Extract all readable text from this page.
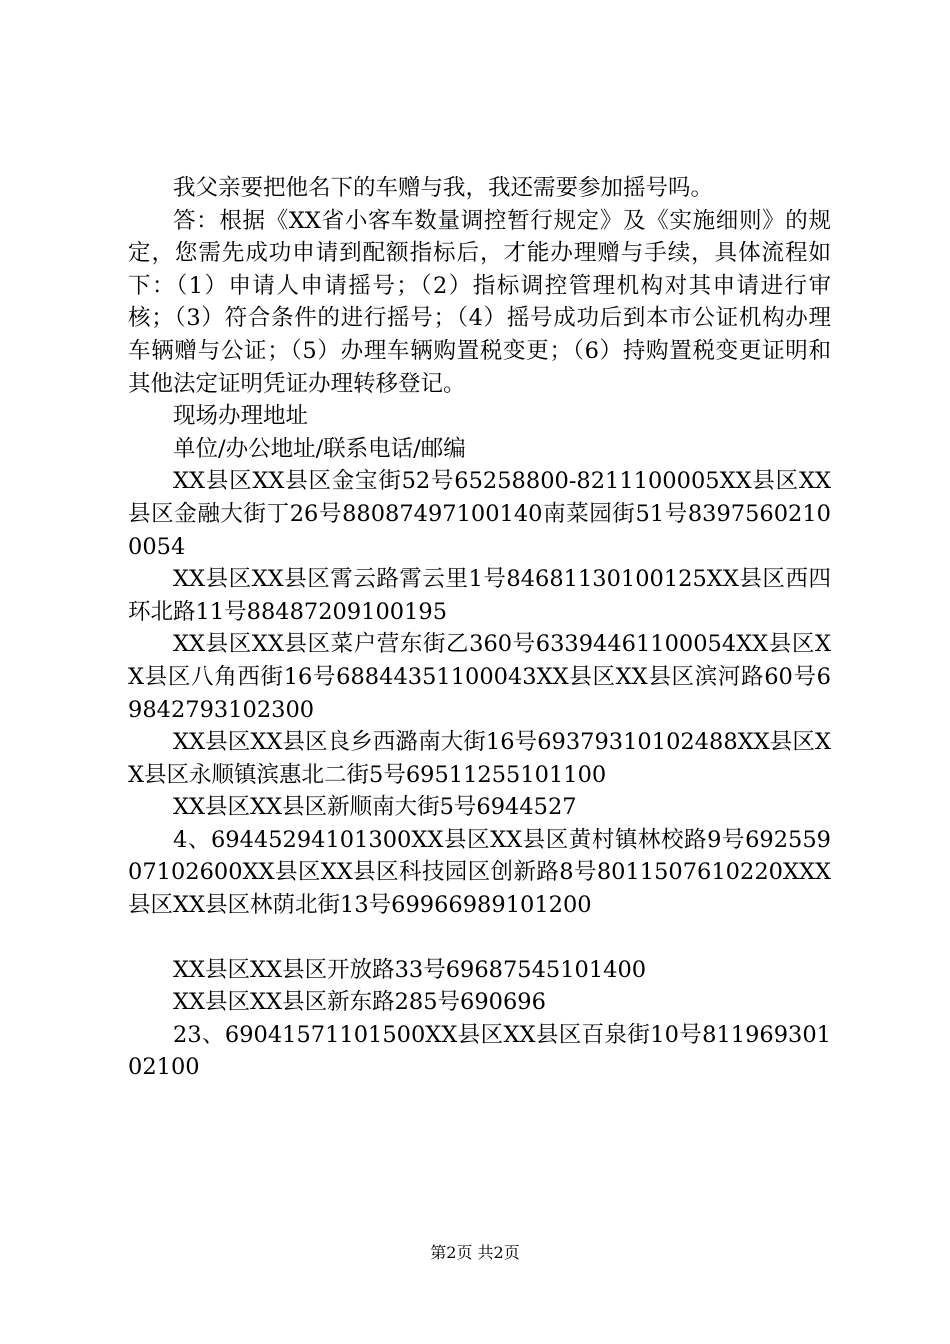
我父亲要把他名下的车赠与我，我还需要参加摇号吗。

答：根据《XX省小客车数量调控暂行规定》及《实施细则》的规定，您需先成功申请到配额指标后，才能办理赠与手续，具体流程如下：（1）申请人申请摇号；（2）指标调控管理机构对其申请进行审核；（3）符合条件的进行摇号；（4）摇号成功后到本市公证机构办理车辆赠与公证；（5）办理车辆购置税变更；（6）持购置税变更证明和其他法定证明凭证办理转移登记。

现场办理地址

单位/办公地址/联系电话/邮编

XX县区XX县区金宝街52号65258800-8211100005XX县区XX县区金融大街丁26号88087497100140南菜园街51号83975602100054

XX县区XX县区霄云路霄云里1号84681130100125XX县区西四环北路11号88487209100195

XX县区XX县区菜户营东街乙360号63394461100054XX县区XX县区八角西街16号68844351100043XX县区XX县区滨河路60号69842793102300

XX县区XX县区良乡西潞南大街16号69379310102488XX县区XX县区永顺镇滨惠北二街5号69511255101100

XX县区XX县区新顺南大街5号6944527

4、69445294101300XX县区XX县区黄村镇林校路9号69255907102600XX县区XX县区科技园区创新路8号8011507610220XXX县区XX县区林荫北街13号69966989101200

XX县区XX县区开放路33号69687545101400

XX县区XX县区新东路285号690696

23、69041571101500XX县区XX县区百泉街10号81196930102100

第2页 共2页
